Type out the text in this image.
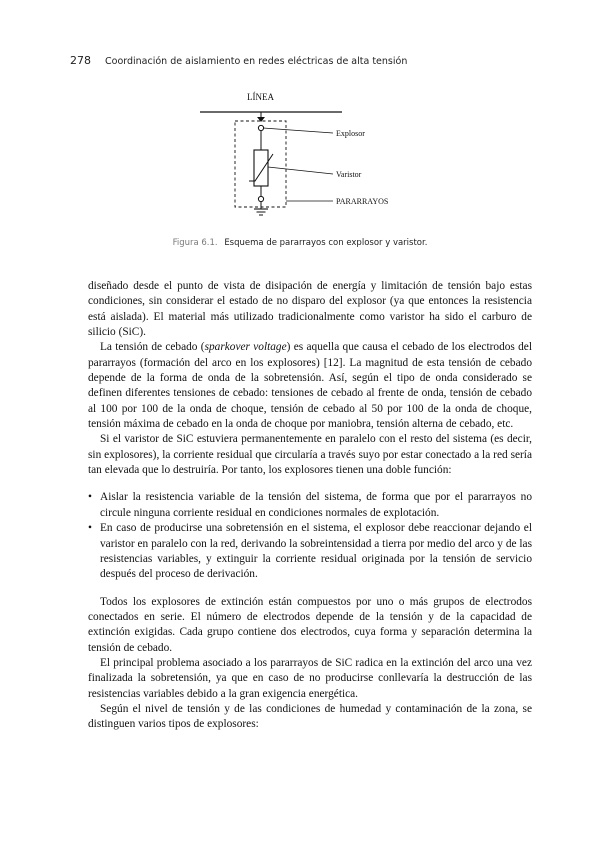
278 Coordinación de aislamiento en redes eléctricas de alta tensión
LÍNEA
Explosor
Varistor
PARARRAYOS
Figura 6.1. Esquema de pararrayos con explosor y varistor.

diseñado desde el punto de vista de disipación de energía y limitación de tensión bajo estas condiciones, sin considerar el estado de no disparo del explosor (ya que entonces la resistencia está aislada). El material más utilizado tradicionalmente como varistor ha sido el carburo de silicio (SiC).

La tensión de cebado (sparkover voltage) es aquella que causa el cebado de los electrodos del pararrayos (formación del arco en los explosores) [12]. La magnitud de esta tensión de cebado depende de la forma de onda de la sobretensión. Así, según el tipo de onda considerado se definen diferentes tensiones de cebado: tensiones de cebado al frente de onda, tensión de cebado al 100 por 100 de la onda de choque, tensión de cebado al 50 por 100 de la onda de choque, tensión máxima de cebado en la onda de choque por maniobra, tensión alterna de cebado, etc.

Si el varistor de SiC estuviera permanentemente en paralelo con el resto del sistema (es decir, sin explosores), la corriente residual que circularía a través suyo por estar conectado a la red sería tan elevada que lo destruiría. Por tanto, los explosores tienen una doble función:

• Aislar la resistencia variable de la tensión del sistema, de forma que por el pararrayos no circule ninguna corriente residual en condiciones normales de explotación.
• En caso de producirse una sobretensión en el sistema, el explosor debe reaccionar dejando el varistor en paralelo con la red, derivando la sobreintensidad a tierra por medio del arco y de las resistencias variables, y extinguir la corriente residual originada por la tensión de servicio después del proceso de derivación.

Todos los explosores de extinción están compuestos por uno o más grupos de electrodos conectados en serie. El número de electrodos depende de la tensión y de la capacidad de extinción exigidas. Cada grupo contiene dos electrodos, cuya forma y separación determina la tensión de cebado.

El principal problema asociado a los pararrayos de SiC radica en la extinción del arco una vez finalizada la sobretensión, ya que en caso de no producirse conllevaría la destrucción de las resistencias variables debido a la gran exigencia energética.

Según el nivel de tensión y de las condiciones de humedad y contaminación de la zona, se distinguen varios tipos de explosores:
